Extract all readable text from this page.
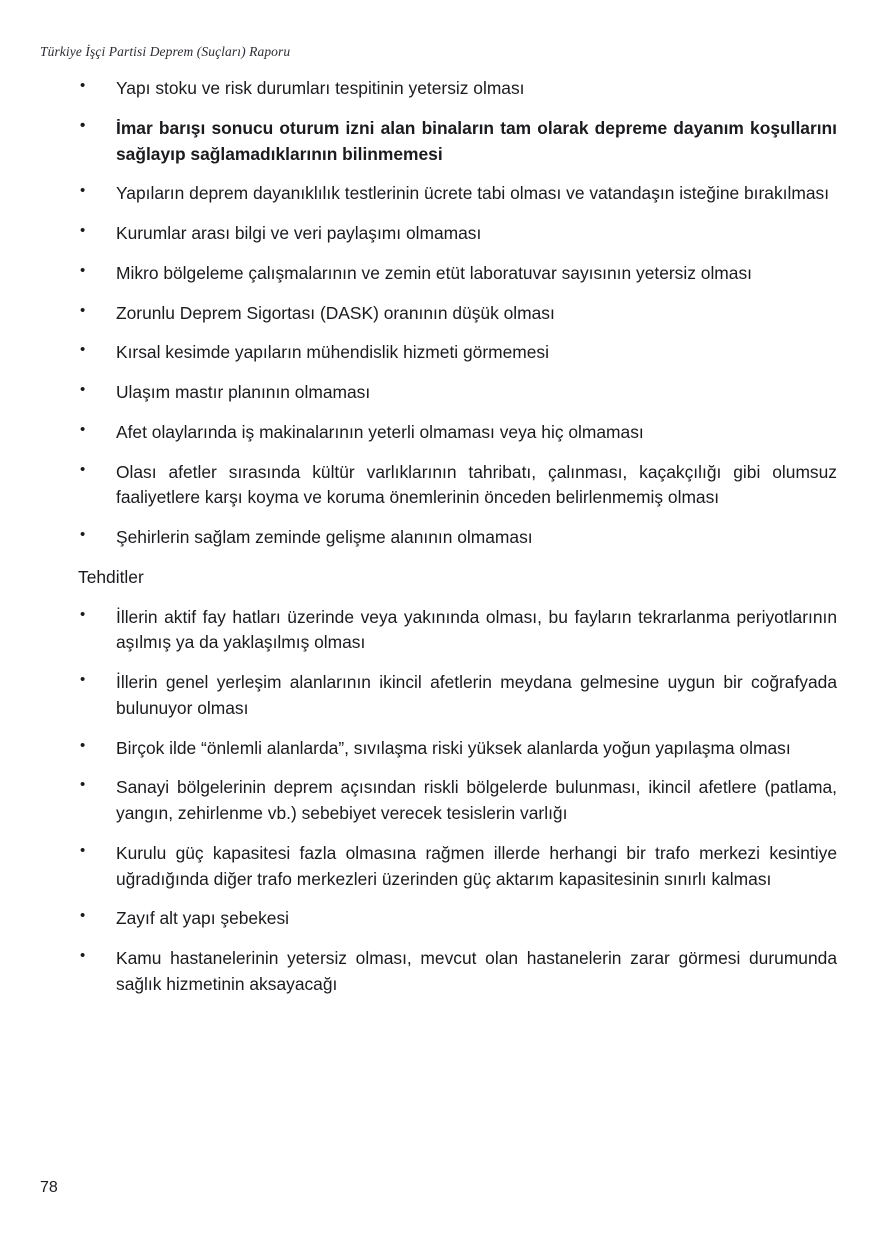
Türkiye İşçi Partisi Deprem (Suçları) Raporu
• Yapı stoku ve risk durumları tespitinin yetersiz olması
• İmar barışı sonucu oturum izni alan binaların tam olarak depreme dayanım koşullarını sağlayıp sağlamadıklarının bilinmemesi
• Yapıların deprem dayanıklılık testlerinin ücrete tabi olması ve vatandaşın isteğine bırakılması
• Kurumlar arası bilgi ve veri paylaşımı olmaması
• Mikro bölgeleme çalışmalarının ve zemin etüt laboratuvar sayısının yetersiz olması
• Zorunlu Deprem Sigortası (DASK) oranının düşük olması
• Kırsal kesimde yapıların mühendislik hizmeti görmemesi
• Ulaşım mastır planının olmaması
• Afet olaylarında iş makinalarının yeterli olmaması veya hiç olmaması
• Olası afetler sırasında kültür varlıklarının tahribatı, çalınması, kaçakçılığı gibi olumsuz faaliyetlere karşı koyma ve koruma önemlerinin önceden belirlenmemiş olması
• Şehirlerin sağlam zeminde gelişme alanının olmaması
Tehditler
• İllerin aktif fay hatları üzerinde veya yakınında olması, bu fayların tekrarlanma periyotlarının aşılmış ya da yaklaşılmış olması
• İllerin genel yerleşim alanlarının ikincil afetlerin meydana gelmesine uygun bir coğrafyada bulunuyor olması
• Birçok ilde “önlemli alanlarda”, sıvılaşma riski yüksek alanlarda yoğun yapılaşma olması
• Sanayi bölgelerinin deprem açısından riskli bölgelerde bulunması, ikincil afetlere (patlama, yangın, zehirlenme vb.) sebebiyet verecek tesislerin varlığı
• Kurulu güç kapasitesi fazla olmasına rağmen illerde herhangi bir trafo merkezi kesintiye uğradığında diğer trafo merkezleri üzerinden güç aktarım kapasitesinin sınırlı kalması
• Zayıf alt yapı şebekesi
• Kamu hastanelerinin yetersiz olması, mevcut olan hastanelerin zarar görmesi durumunda sağlık hizmetinin aksayacağı
78
